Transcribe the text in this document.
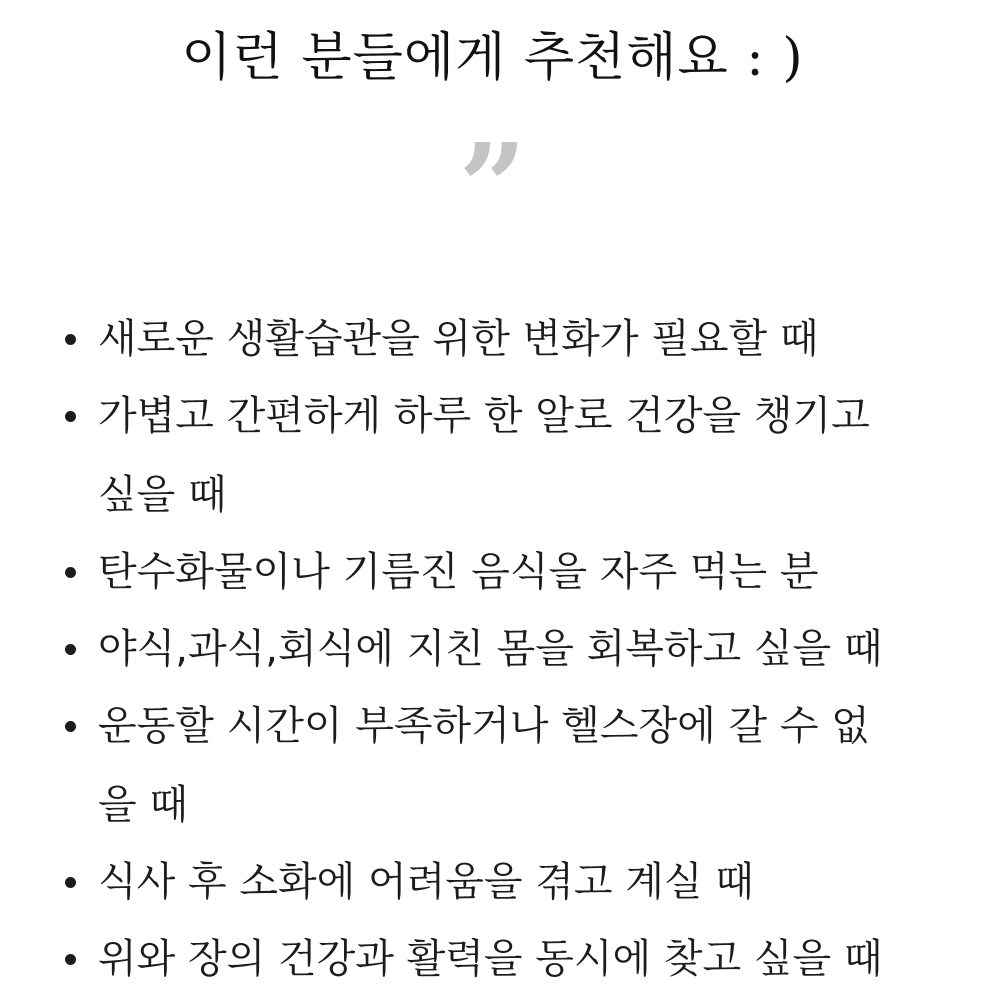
이런 분들에게 추천해요 : )
”
새로운 생활습관을 위한 변화가 필요할 때
가볍고 간편하게 하루 한 알로 건강을 챙기고
싶을 때
탄수화물이나 기름진 음식을 자주 먹는 분
야식,과식,회식에 지친 몸을 회복하고 싶을 때
운동할 시간이 부족하거나 헬스장에 갈 수 없
을 때
식사 후 소화에 어려움을 겪고 계실 때
위와 장의 건강과 활력을 동시에 찾고 싶을 때
